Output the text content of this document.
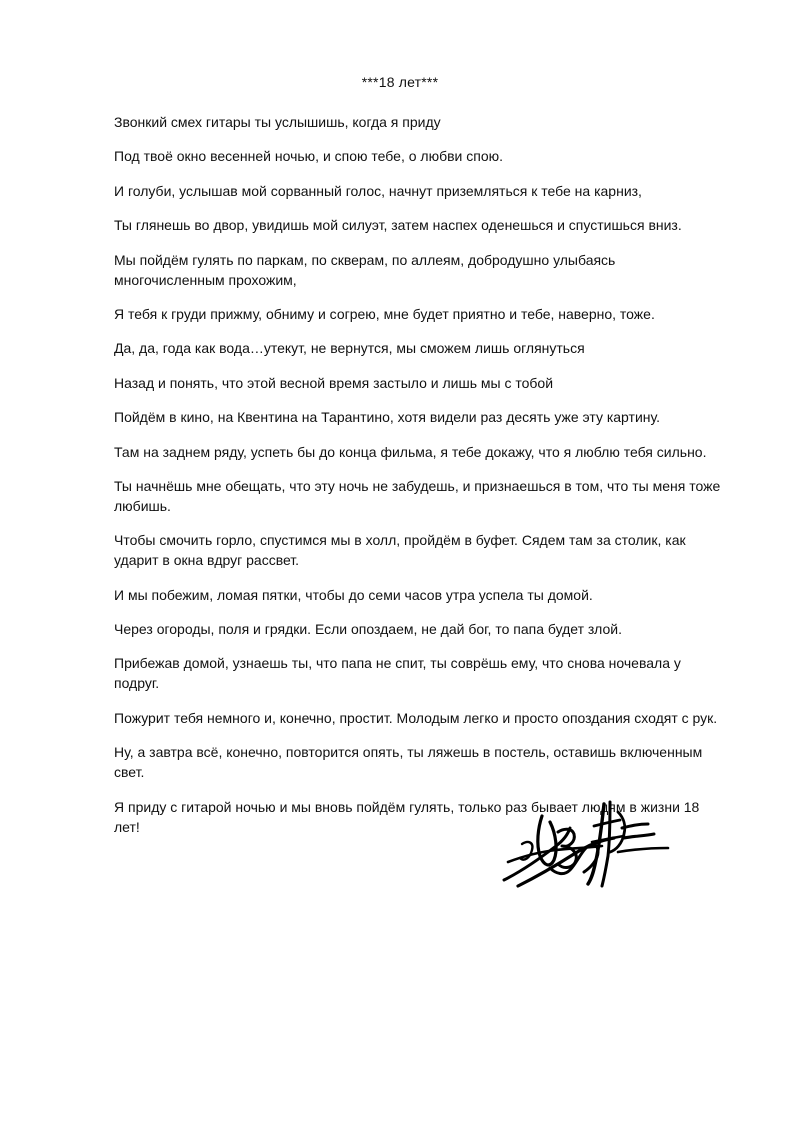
***18 лет***

Звонкий смех гитары ты услышишь, когда я приду

Под твоё окно весенней ночью, и спою тебе, о любви спою.

И голуби, услышав мой сорванный голос, начнут приземляться к тебе на карниз,

Ты глянешь во двор, увидишь мой силуэт, затем наспех оденешься и спустишься вниз.

Мы пойдём гулять по паркам, по скверам, по аллеям, добродушно улыбаясь многочисленным прохожим,

Я тебя к груди прижму, обниму и согрею, мне будет приятно и тебе, наверно, тоже.

Да, да, года как вода…утекут, не вернутся, мы сможем лишь оглянуться

Назад и понять, что этой весной время застыло и лишь мы с тобой

Пойдём в кино, на Квентина на Тарантино, хотя видели раз десять уже эту картину.

Там на заднем ряду, успеть бы до конца фильма, я тебе докажу, что я люблю тебя сильно.

Ты начнёшь мне обещать, что эту ночь не забудешь, и признаешься в том, что ты меня тоже любишь.

Чтобы смочить горло, спустимся мы в холл, пройдём в буфет. Сядем там за столик, как ударит в окна вдруг рассвет.

И мы побежим, ломая пятки, чтобы до семи часов утра успела ты домой.

Через огороды, поля и грядки. Если опоздаем, не дай бог, то папа будет злой.

Прибежав домой, узнаешь ты, что папа не спит, ты соврёшь ему, что снова ночевала у подруг.

Пожурит тебя немного и, конечно, простит. Молодым легко и просто опоздания сходят с рук.

Ну, а завтра всё, конечно, повторится опять, ты ляжешь в постель, оставишь включенным свет.

Я приду с гитарой ночью и мы вновь пойдём гулять, только раз бывает людям в жизни 18 лет!
